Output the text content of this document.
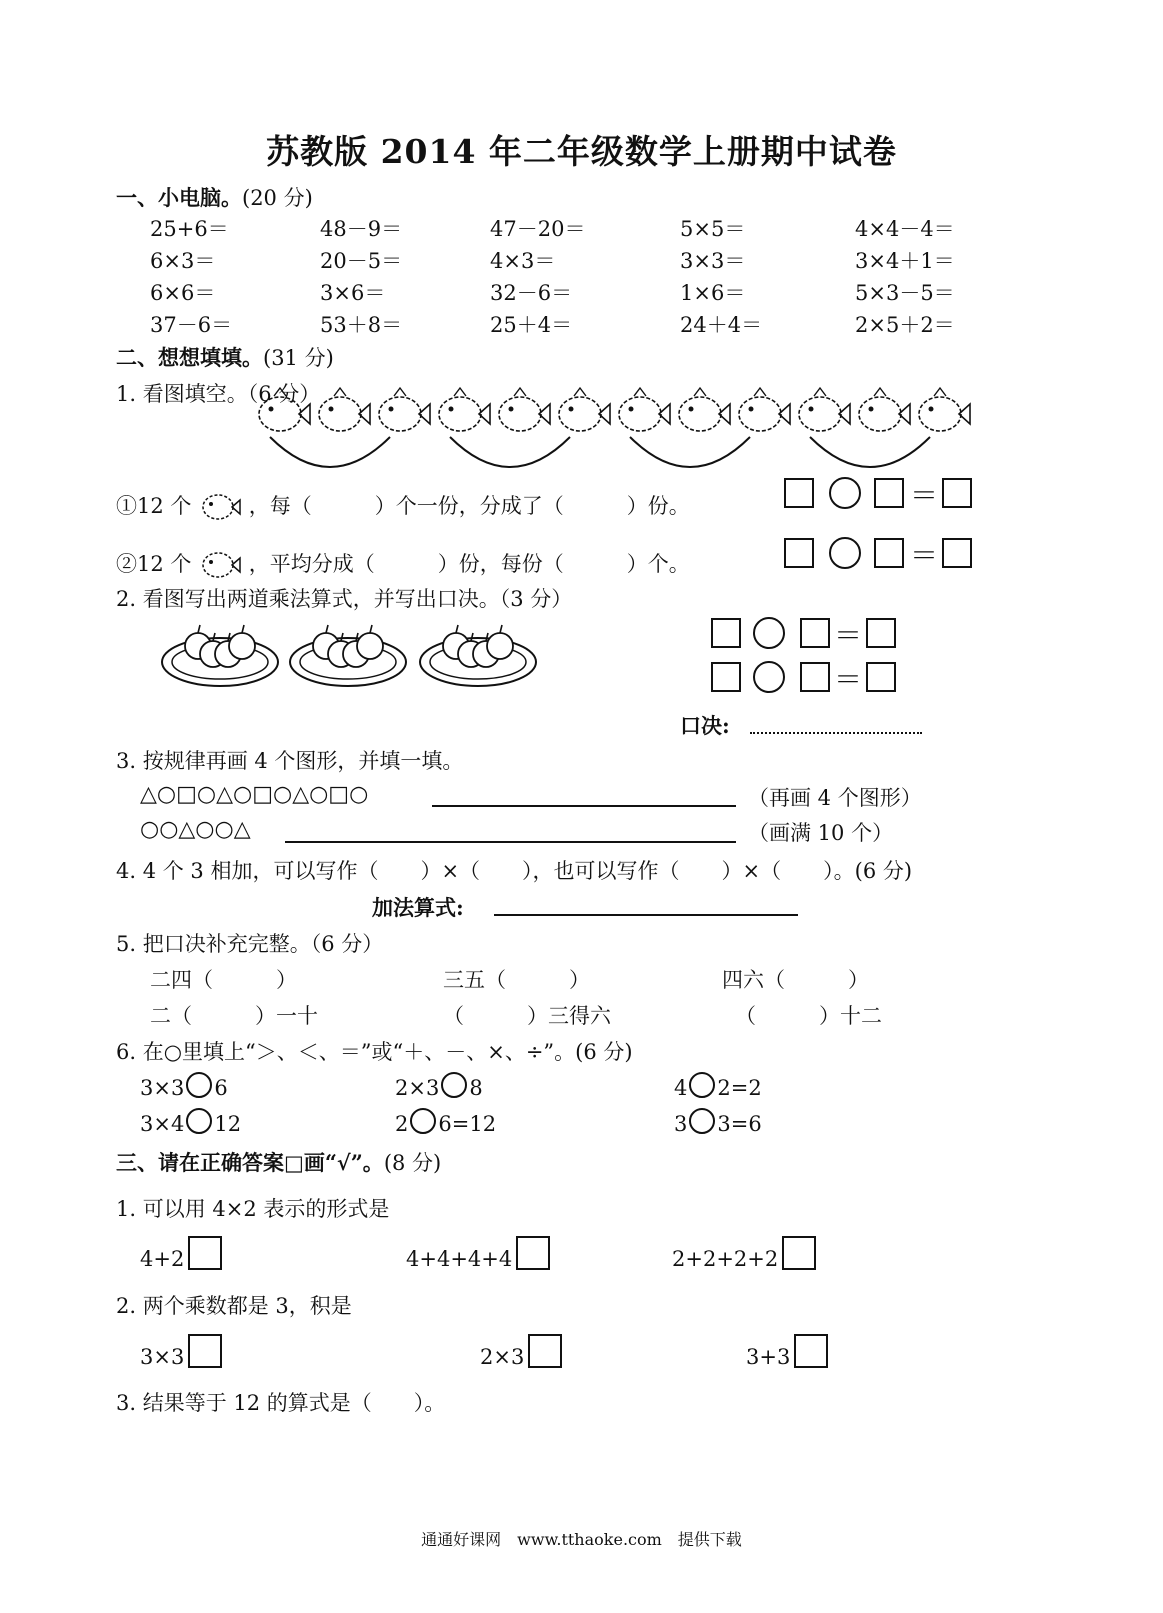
苏教版 2014 年二年级数学上册期中试卷
一、小电脑。(20 分)
25+6＝	48－9＝	47－20＝	5×5＝	4×4－4＝
6×3＝	20－5＝	4×3＝	3×3＝	3×4＋1＝
6×6＝	3×6＝	32－6＝	1×6＝	5×3－5＝
37－6＝	53＋8＝	25＋4＝	24＋4＝	2×5＋2＝
二、想想填填。(31 分)
1. 看图填空。（6 分）
①12 个	，每（　　　）个一份，分成了（　　　）份。
②12 个	，平均分成（　　　）份，每份（　　　）个。
＝
＝
2. 看图写出两道乘法算式，并写出口决。（3 分）
＝
＝
口决:
3. 按规律再画 4 个图形，并填一填。
△○□○△○□○△○□○	（再画 4 个图形）
○○△○○△	（画满 10 个）
4. 4 个 3 相加，可以写作（　　）×（　　），也可以写作（　　）×（　　）。(6 分)
加法算式:
5. 把口决补充完整。（6 分）
二四（　　　）	三五（　　　）	四六（　　　）
二（　　　）一十	（　　　）三得六	（　　　）十二
6. 在○里填上“＞、＜、＝”或“＋、－、×、÷”。(6 分)
3×3 6	2×3 8	4 2=2
3×4 12	2 6=12	3 3=6
三、请在正确答案□画“√”。(8 分)
1. 可以用 4×2 表示的形式是
4+2	4+4+4+4	2+2+2+2
2. 两个乘数都是 3，积是
3×3	2×3	3+3
3. 结果等于 12 的算式是（　　）。
通通好课网　www.tthaoke.com　提供下载
